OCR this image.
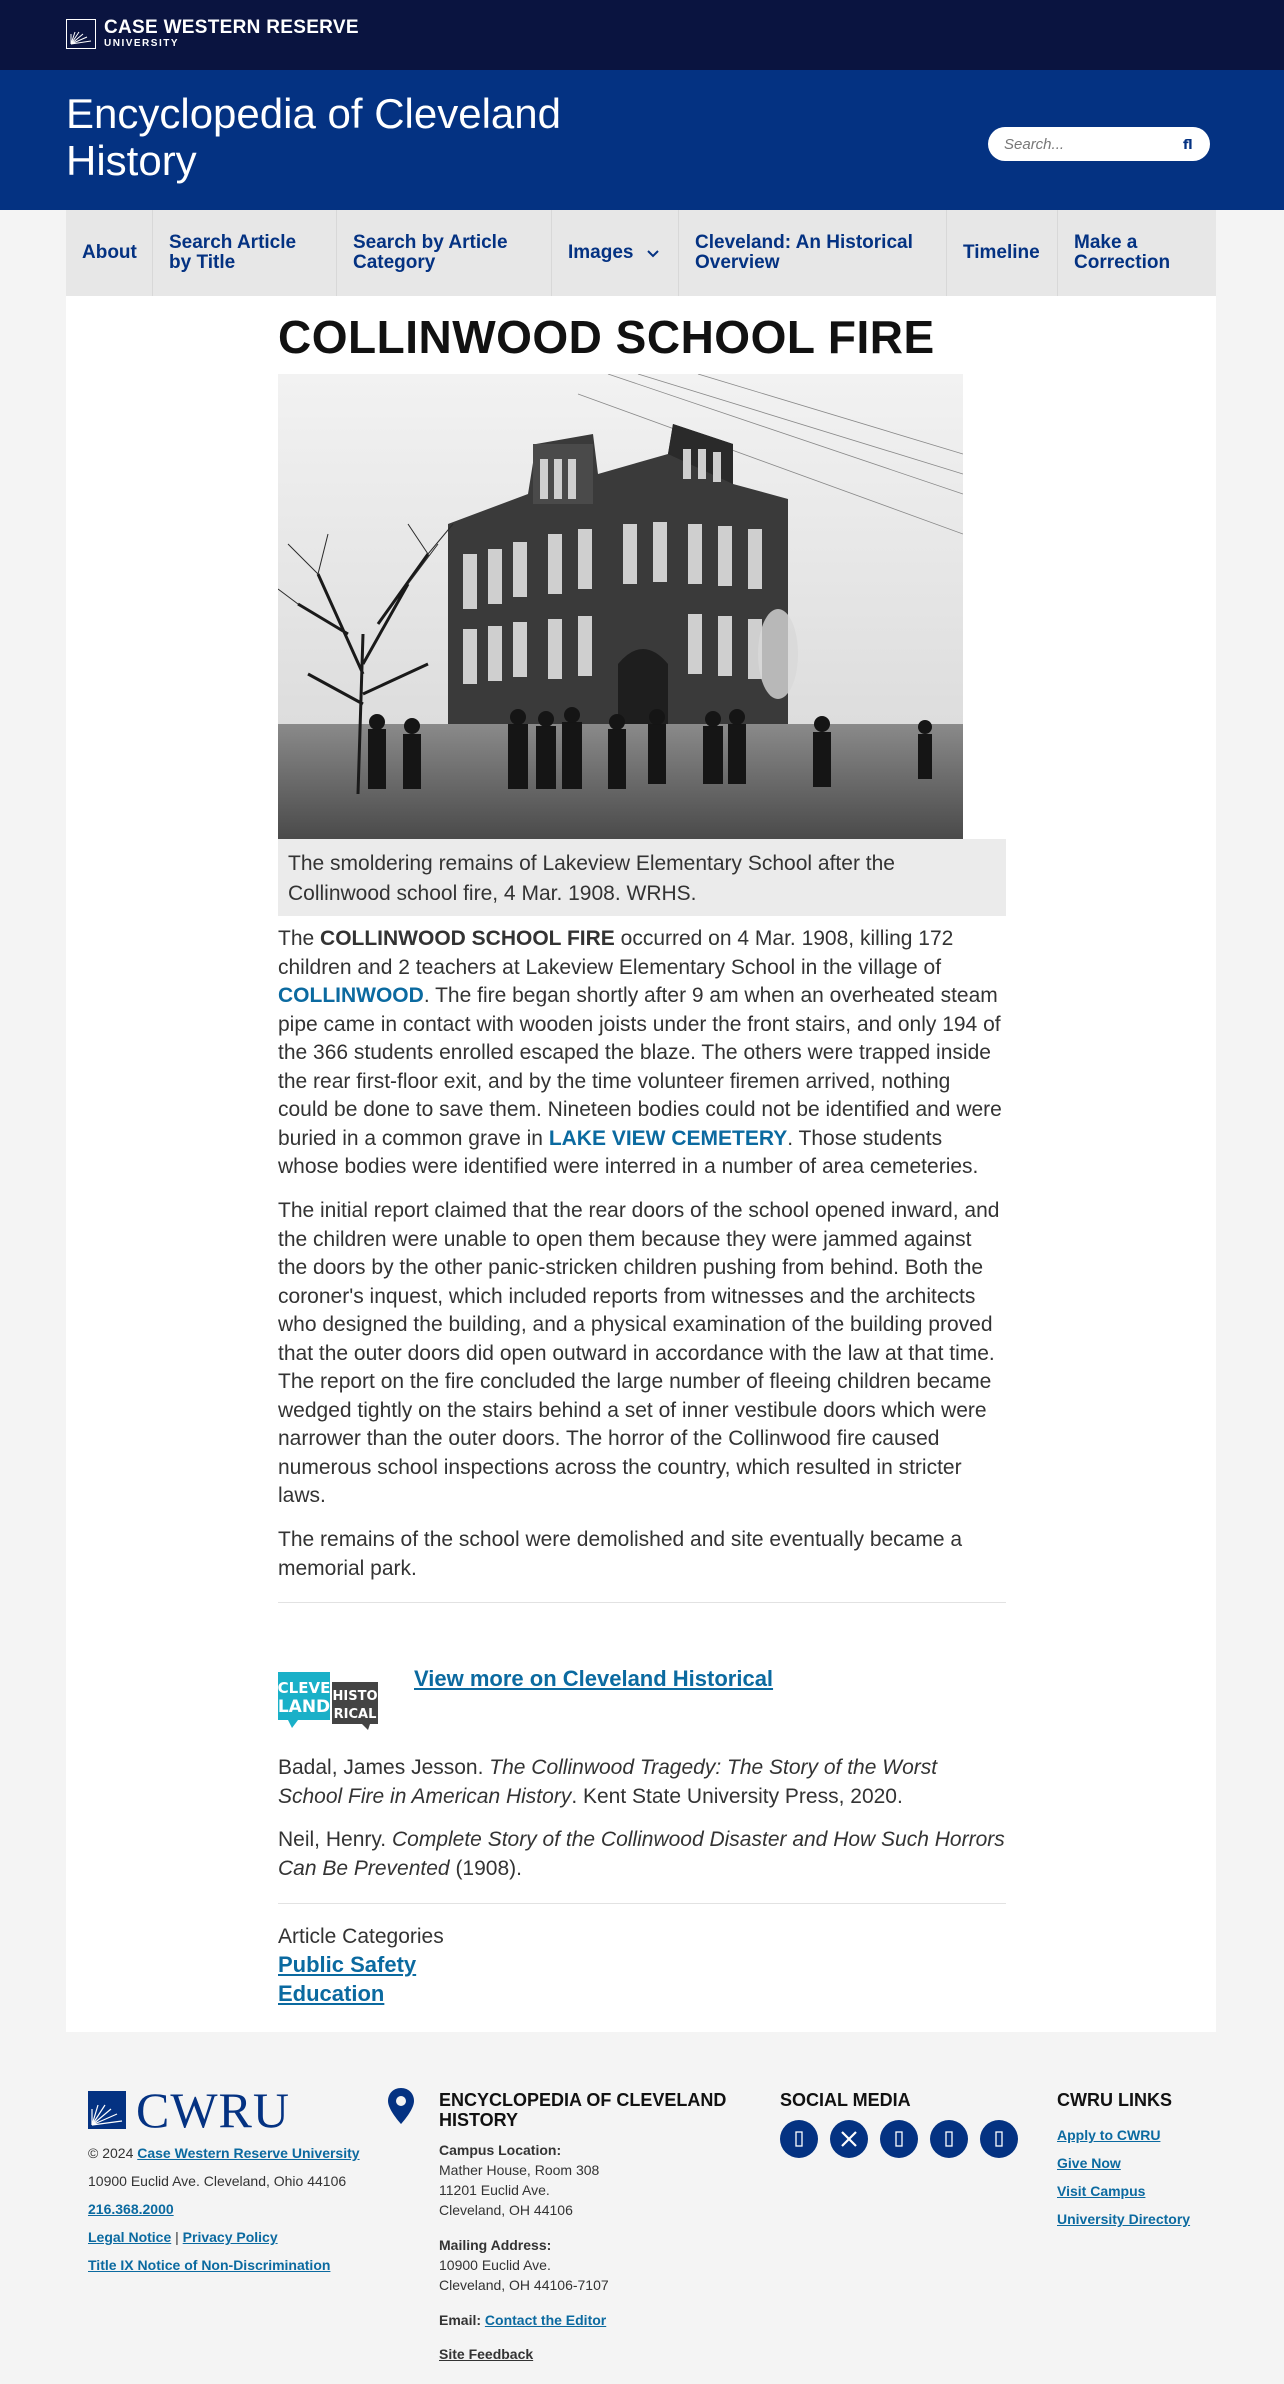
CASE WESTERN RESERVE
UNIVERSITY
Encyclopedia of Cleveland History
Search...	fl
About Search Article by Title
Search by Article Category	Images	Cleveland: An Historical Overview	Timeline Make a Correction
COLLINWOOD SCHOOL FIRE
The smoldering remains of Lakeview Elementary School after the Collinwood school fire, 4 Mar. 1908. WRHS.

The COLLINWOOD SCHOOL FIRE occurred on 4 Mar. 1908, killing 172 children and 2 teachers at Lakeview Elementary School in the village of COLLINWOOD. The fire began shortly after 9 am when an overheated steam pipe came in contact with wooden joists under the front stairs, and only 194 of the 366 students enrolled escaped the blaze. The others were trapped inside the rear first-floor exit, and by the time volunteer firemen arrived, nothing could be done to save them. Nineteen bodies could not be identified and were buried in a common grave in LAKE VIEW CEMETERY. Those students whose bodies were identified were interred in a number of area cemeteries.

The initial report claimed that the rear doors of the school opened inward, and the children were unable to open them because they were jammed against the doors by the other panic-stricken children pushing from behind. Both the coroner's inquest, which included reports from witnesses and the architects who designed the building, and a physical examination of the building proved that the outer doors did open outward in accordance with the law at that time. The report on the fire concluded the large number of fleeing children became wedged tightly on the stairs behind a set of inner vestibule doors which were narrower than the outer doors. The horror of the Collinwood fire caused numerous school inspections across the country, which resulted in stricter laws.

The remains of the school were demolished and site eventually became a memorial park.

CLEVE
LAND
HISTO
RICAL
View more on Cleveland Historical

Badal, James Jesson. The Collinwood Tragedy: The Story of the Worst School Fire in American History. Kent State University Press, 2020.

Neil, Henry. Complete Story of the Collinwood Disaster and How Such Horrors Can Be Prevented (1908).

Article Categories
Public Safety
Education
CWRU
© 2024 Case Western Reserve University
10900 Euclid Ave. Cleveland, Ohio 44106
216.368.2000
Legal Notice | Privacy Policy
Title IX Notice of Non-Discrimination
ENCYCLOPEDIA OF CLEVELAND HISTORY
Campus Location:
Mather House, Room 308
11201 Euclid Ave.
Cleveland, OH 44106
Mailing Address:
10900 Euclid Ave.
Cleveland, OH 44106-7107
Email: Contact the Editor
Site Feedback
SOCIAL MEDIA	CWRU LINKS
Apply to CWRU
Give Now
Visit Campus
University Directory
